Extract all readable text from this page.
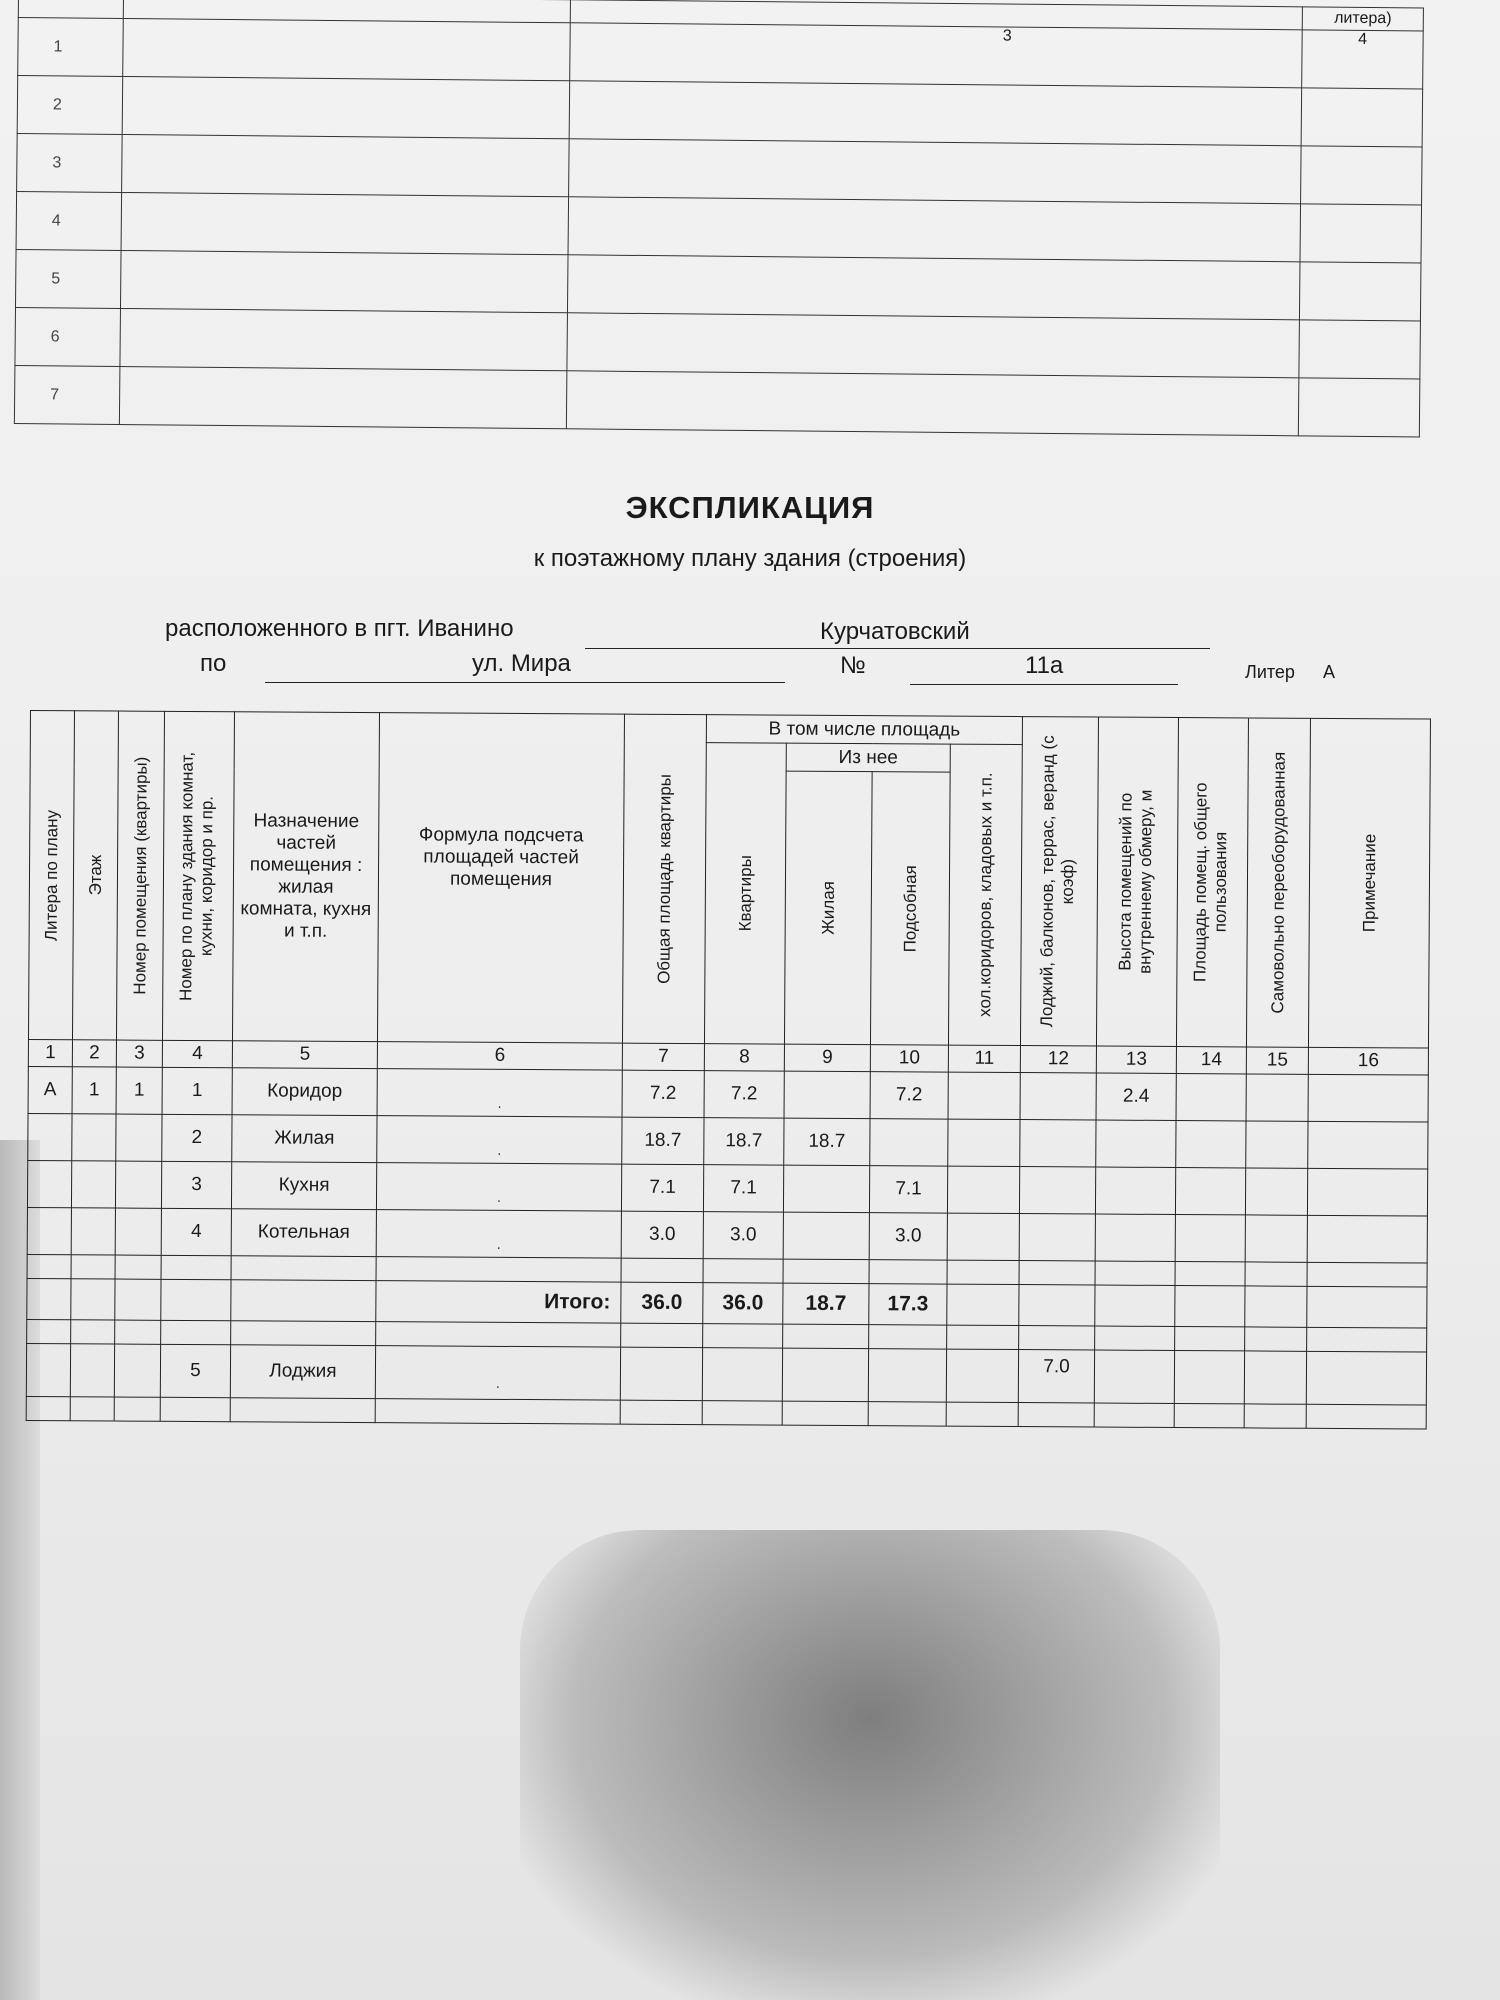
			литера)
1		3	4
2			
3			
4			
5			
6			
7			
ЭКСПЛИКАЦИЯ
к поэтажному плану здания (строения)
расположенного в пгт. Иванино	Курчатовский
по	ул. Мира	№	11а	Литер А
Литера по плану	Этаж	Номер помещения (квартиры)	Номер по плану здания комнат, кухни, коридор и пр.	Назначение частей помещения : жилая комната, кухня и т.п.	Формула подсчета площадей частей помещения	Общая площадь квартиры	В том числе площадь				Лоджий, балконов, террас, веранд (с коэф)	Высота помещений по внутреннему обмеру, м	Площадь помещ. общего пользования	Самовольно переоборудованная	Примечание

							Квартиры	Из нее		хол.коридоров, кладовых и т.п.					

								Жилая	Подсобная						

1	2	3	4	5	6	7	8	9	10	11	12	13	14	15	16
А	1	1	1	Коридор	$_.$	7.2	7.2		7.2			2.4			
			2	Жилая	$_.$	18.7	18.7	18.7							
			3	Кухня	$_.$	7.1	7.1		7.1						
			4	Котельная	$_.$	3.0	3.0		3.0						

					Итого:	36.0	36.0	18.7	17.3						

			5	Лоджия	$_.$						7.0				
